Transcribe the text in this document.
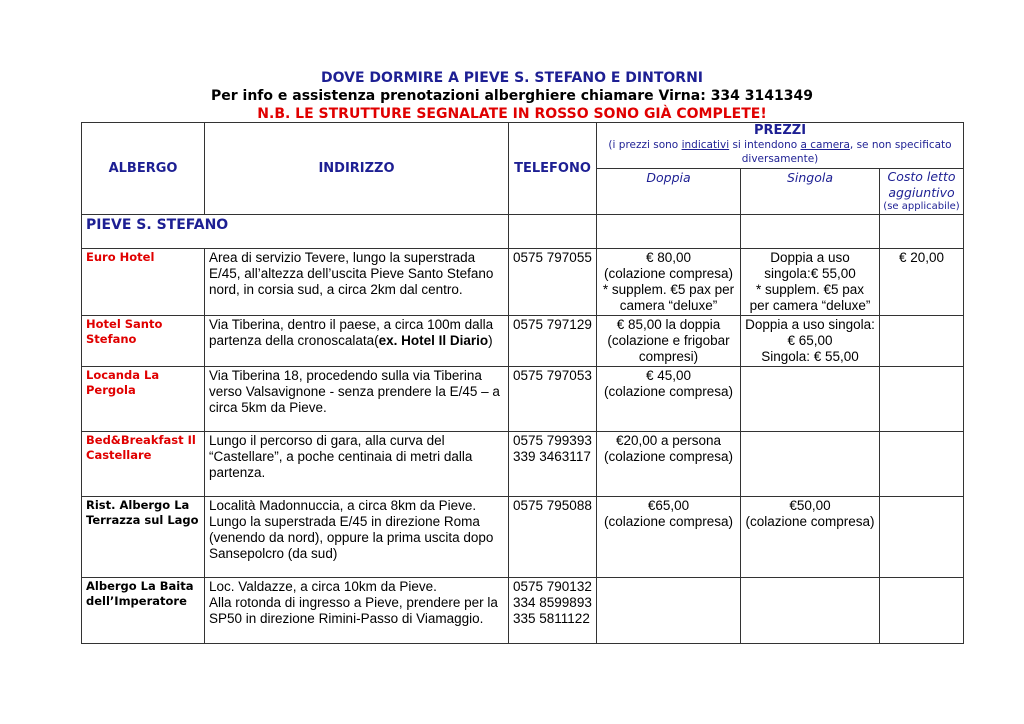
DOVE DORMIRE A PIEVE S. STEFANO E DINTORNI
Per info e assistenza prenotazioni alberghiere chiamare Virna: 334 3141349
N.B. LE STRUTTURE SEGNALATE IN ROSSO SONO GIÀ COMPLETE!
ALBERGO	INDIRIZZO	TELEFONO	PREZZI
(i prezzi sono indicativi si intendono a camera, se non specificato diversamente)		

			Doppia	Singola	Costo letto aggiuntivo
(se applicabile)

PIEVE S. STEFANO					
Euro Hotel	Area di servizio Tevere, lungo la superstrada
E/45, all’altezza dell’uscita Pieve Santo Stefano
nord, in corsia sud, a circa 2km dal centro.	0575 797055	€ 80,00
(colazione compresa)
* supplem. €5 pax per
camera “deluxe”	Doppia a uso
singola:€ 55,00
* supplem. €5 pax
per camera “deluxe”	€ 20,00

Hotel Santo Stefano	Via Tiberina, dentro il paese, a circa 100m dalla
partenza della cronoscalata(ex. Hotel Il Diario)	0575 797129	€ 85,00 la doppia
(colazione e frigobar
compresi)	Doppia a uso singola:
€ 65,00
Singola: € 55,00	

Locanda La Pergola	Via Tiberina 18, procedendo sulla via Tiberina
verso Valsavignone - senza prendere la E/45 – a
circa 5km da Pieve.	0575 797053	€ 45,00
(colazione compresa)		

Bed&Breakfast Il Castellare	Lungo il percorso di gara, alla curva del
“Castellare”, a poche centinaia di metri dalla
partenza.	0575 799393
339 3463117	€20,00 a persona
(colazione compresa)		

Rist. Albergo La Terrazza sul Lago	Località Madonnuccia, a circa 8km da Pieve.
Lungo la superstrada E/45 in direzione Roma
(venendo da nord), oppure la prima uscita dopo
Sansepolcro (da sud)	0575 795088	€65,00
(colazione compresa)	€50,00
(colazione compresa)	

Albergo La Baita dell’Imperatore	Loc. Valdazze, a circa 10km da Pieve.
Alla rotonda di ingresso a Pieve, prendere per la
SP50 in direzione Rimini-Passo di Viamaggio.	0575 790132
334 8599893
335 5811122			
